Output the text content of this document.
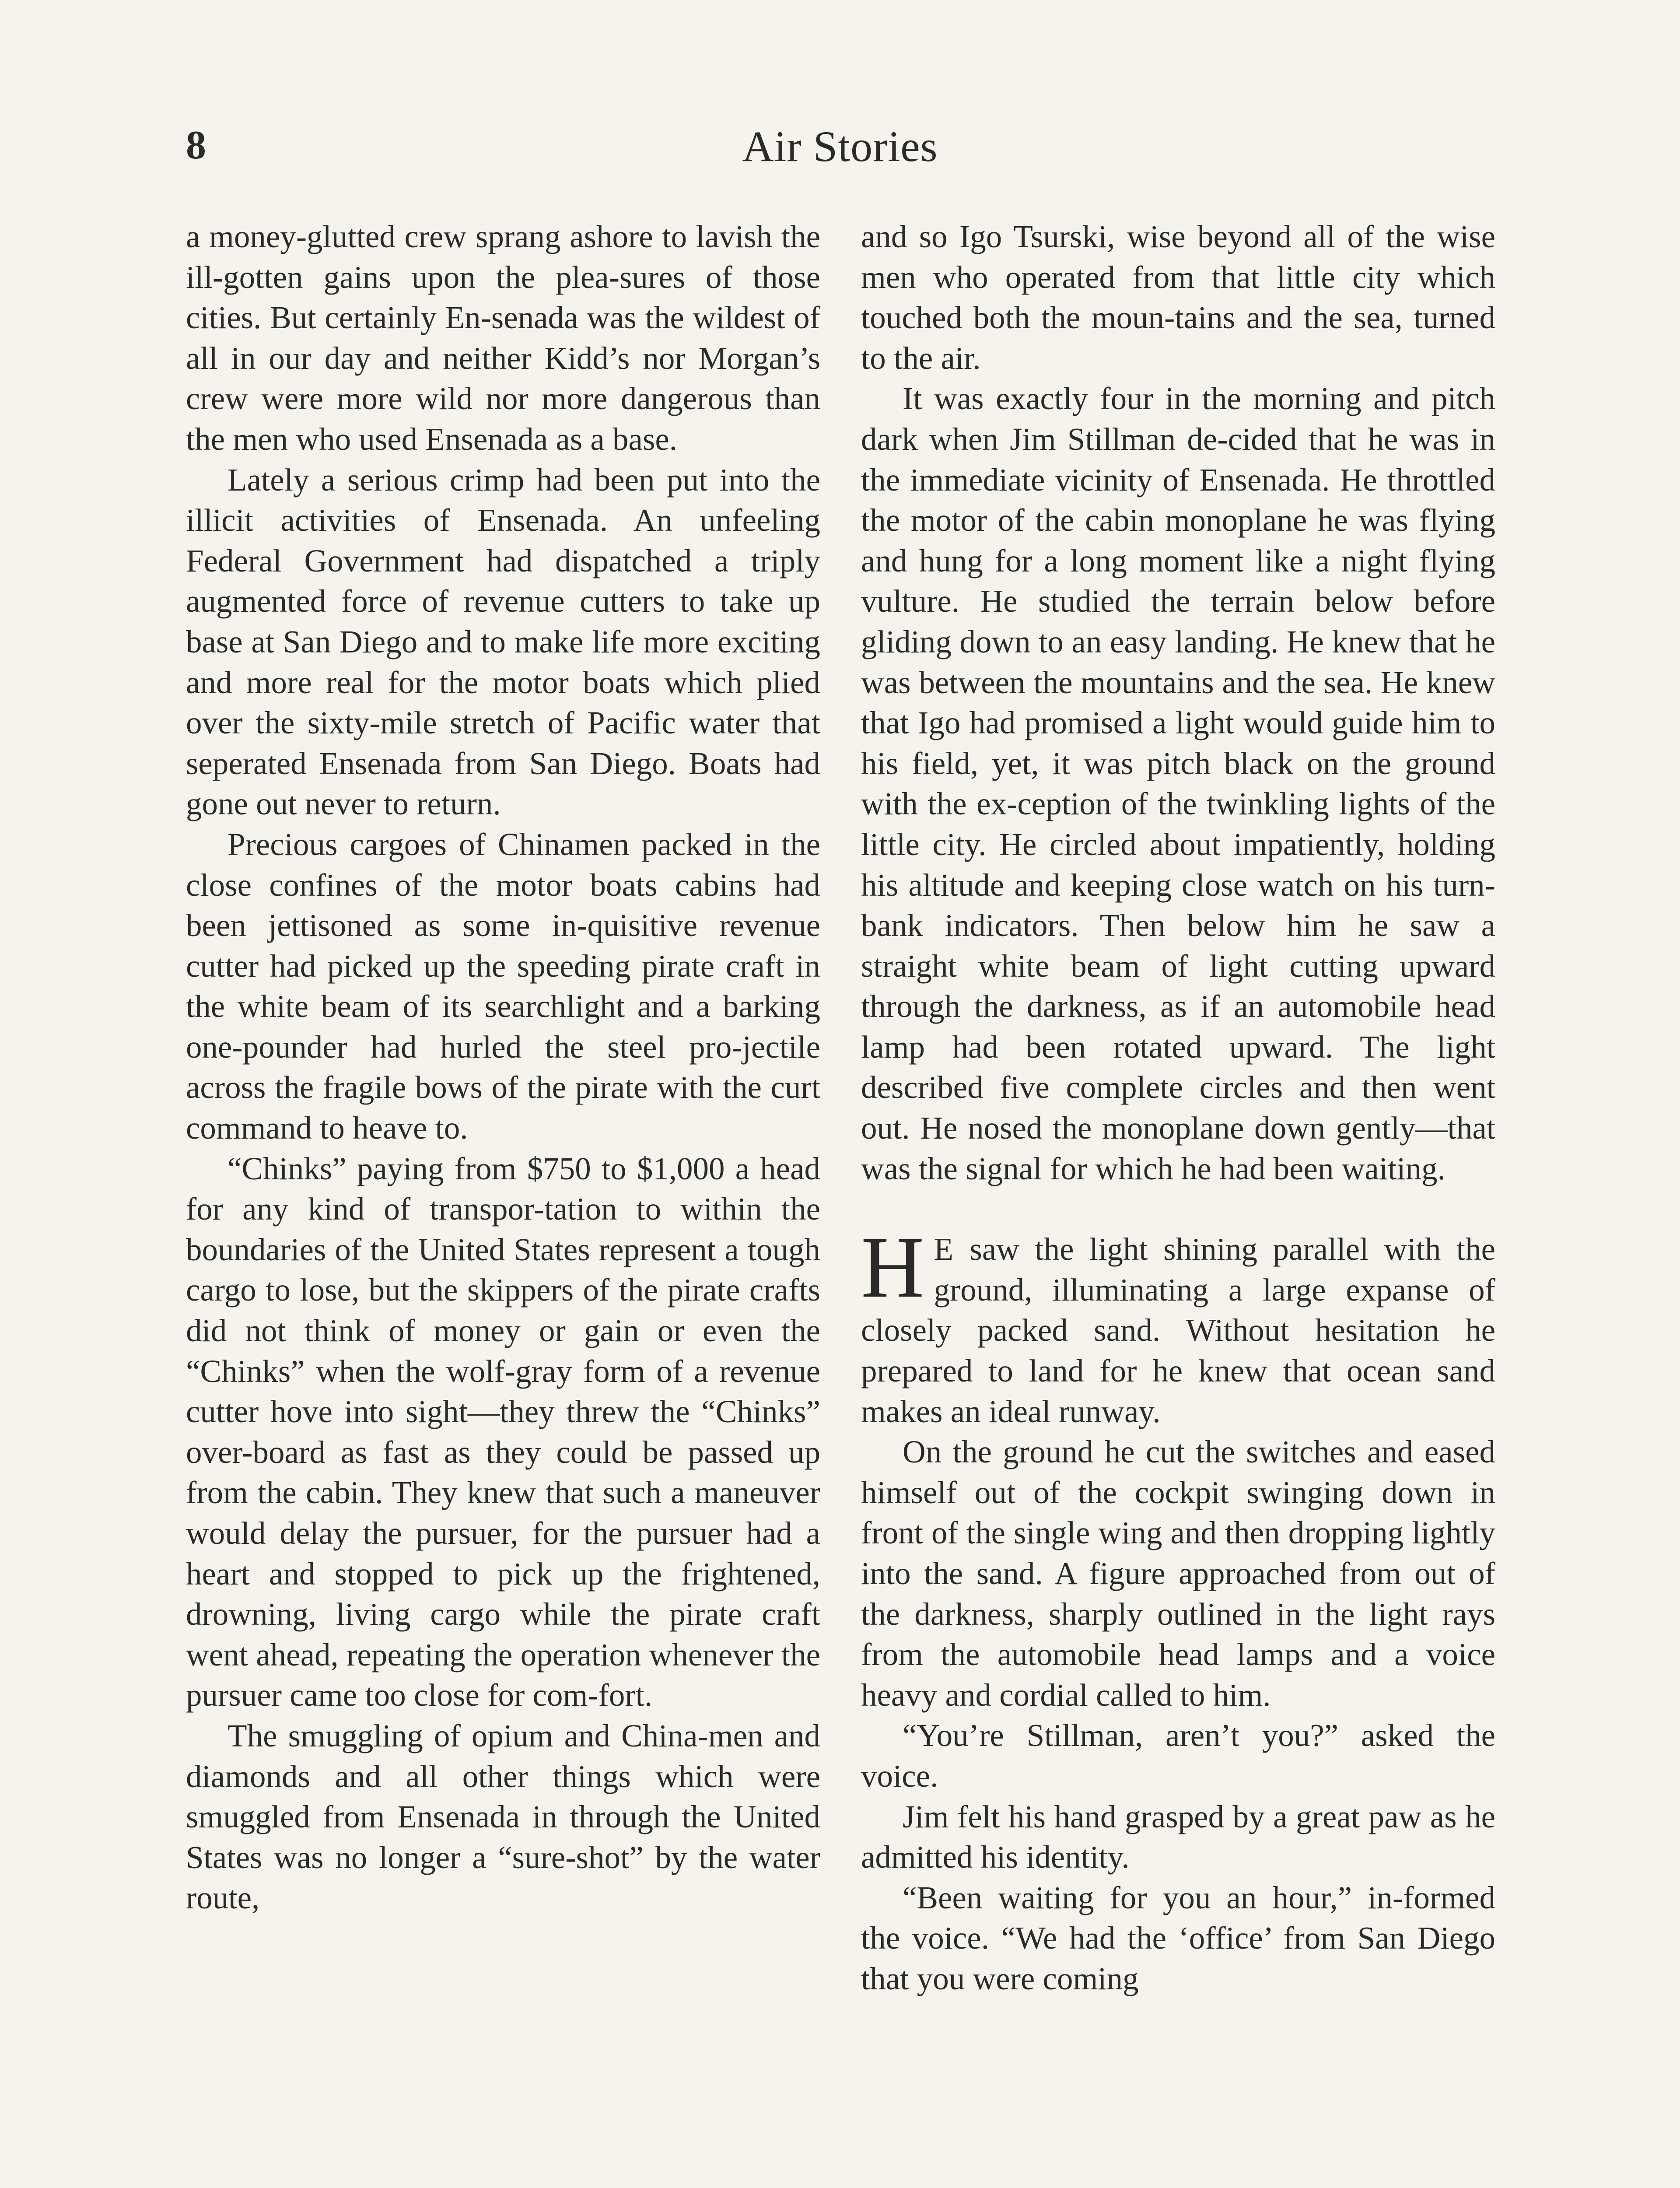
8	Air Stories

a money-glutted crew sprang ashore to lavish the ill-gotten gains upon the plea-sures of those cities. But certainly En-senada was the wildest of all in our day and neither Kidd’s nor Morgan’s crew were more wild nor more dangerous than the men who used Ensenada as a base.

Lately a serious crimp had been put into the illicit activities of Ensenada. An unfeeling Federal Government had dispatched a triply augmented force of revenue cutters to take up base at San Diego and to make life more exciting and more real for the motor boats which plied over the sixty-mile stretch of Pacific water that seperated Ensenada from San Diego. Boats had gone out never to return.

Precious cargoes of Chinamen packed in the close confines of the motor boats cabins had been jettisoned as some in-quisitive revenue cutter had picked up the speeding pirate craft in the white beam of its searchlight and a barking one-pounder had hurled the steel pro-jectile across the fragile bows of the pirate with the curt command to heave to.

“Chinks” paying from $750 to $1,000 a head for any kind of transpor-tation to within the boundaries of the United States represent a tough cargo to lose, but the skippers of the pirate crafts did not think of money or gain or even the “Chinks” when the wolf-gray form of a revenue cutter hove into sight—they threw the “Chinks” over-board as fast as they could be passed up from the cabin. They knew that such a maneuver would delay the pursuer, for the pursuer had a heart and stopped to pick up the frightened, drowning, living cargo while the pirate craft went ahead, repeating the operation whenever the pursuer came too close for com-fort.

The smuggling of opium and China-men and diamonds and all other things which were smuggled from Ensenada in through the United States was no longer a “sure-shot” by the water route,

and so Igo Tsurski, wise beyond all of the wise men who operated from that little city which touched both the moun-tains and the sea, turned to the air.

It was exactly four in the morning and pitch dark when Jim Stillman de-cided that he was in the immediate vicinity of Ensenada. He throttled the motor of the cabin monoplane he was flying and hung for a long moment like a night flying vulture. He studied the terrain below before gliding down to an easy landing. He knew that he was between the mountains and the sea. He knew that Igo had promised a light would guide him to his field, yet, it was pitch black on the ground with the ex-ception of the twinkling lights of the little city. He circled about impatiently, holding his altitude and keeping close watch on his turn-bank indicators. Then below him he saw a straight white beam of light cutting upward through the darkness, as if an automobile head lamp had been rotated upward. The light described five complete circles and then went out. He nosed the monoplane down gently—that was the signal for which he had been waiting.

H E saw the light shining parallel with the ground, illuminating a large expanse of closely packed sand. Without hesitation he prepared to land for he knew that ocean sand makes an ideal runway.

On the ground he cut the switches and eased himself out of the cockpit swinging down in front of the single wing and then dropping lightly into the sand. A figure approached from out of the darkness, sharply outlined in the light rays from the automobile head lamps and a voice heavy and cordial called to him.

“You’re Stillman, aren’t you?” asked the voice.

Jim felt his hand grasped by a great paw as he admitted his identity.

“Been waiting for you an hour,” in-formed the voice. “We had the ‘office’ from San Diego that you were coming
